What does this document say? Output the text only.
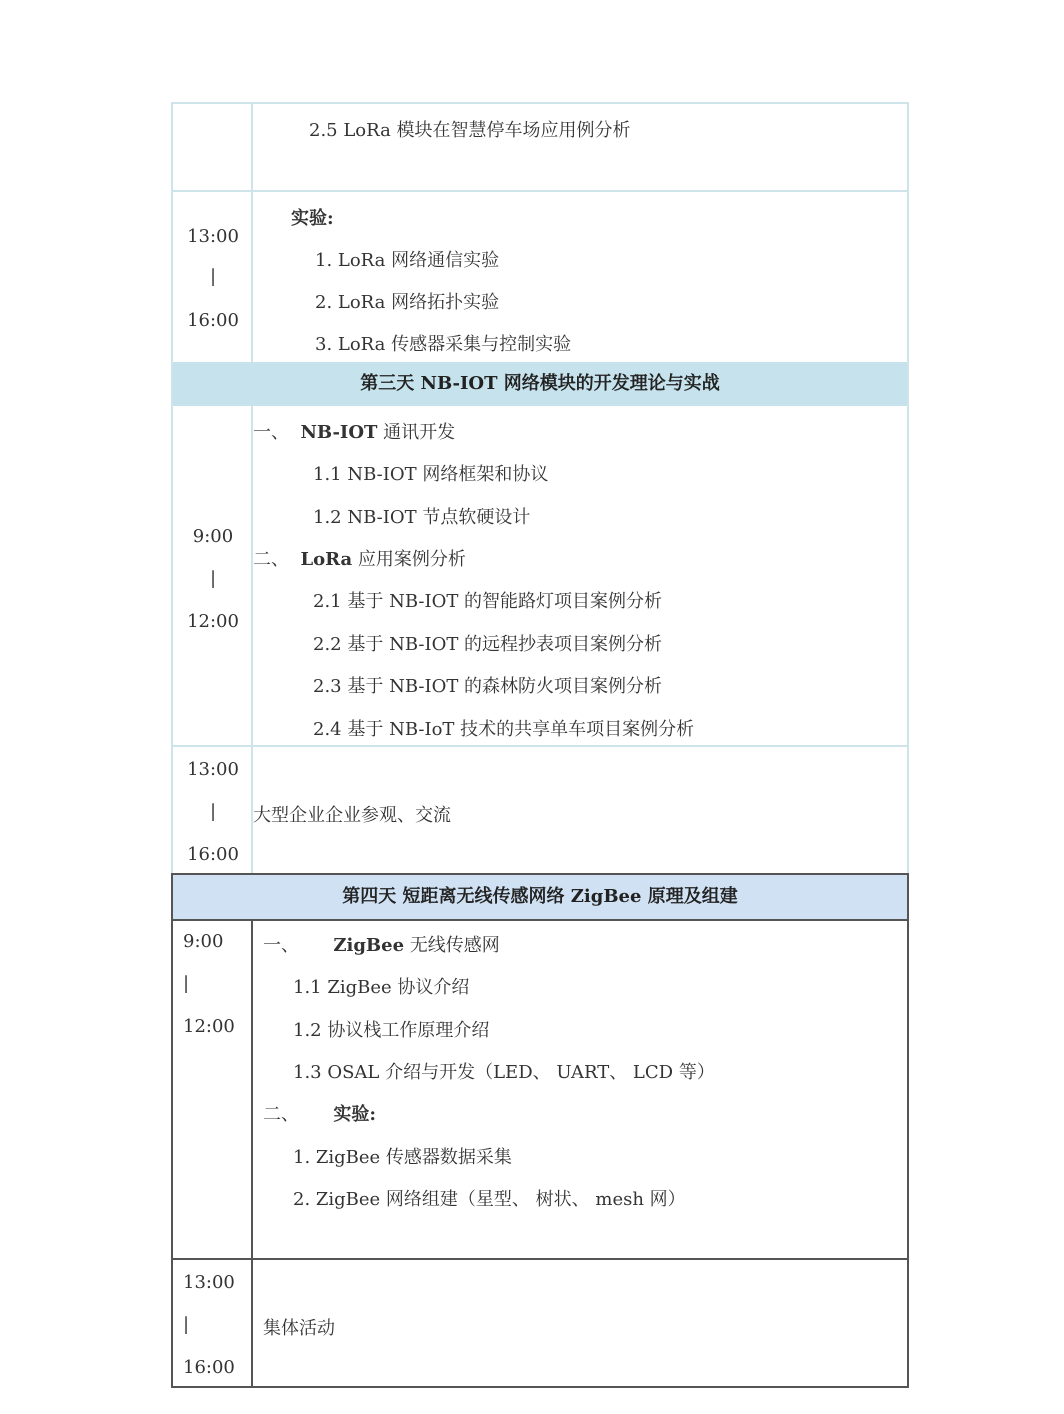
2.5 LoRa 模块在智慧停车场应用例分析
13:00
|
16:00
实验:
1. LoRa 网络通信实验
2. LoRa 网络拓扑实验
3. LoRa 传感器采集与控制实验
第三天 NB-IOT 网络模块的开发理论与实战
9:00
|
12:00
一、 NB-IOT 通讯开发
1.1 NB-IOT 网络框架和协议
1.2 NB-IOT 节点软硬设计
二、 LoRa 应用案例分析
2.1 基于 NB-IOT 的智能路灯项目案例分析
2.2 基于 NB-IOT 的远程抄表项目案例分析
2.3 基于 NB-IOT 的森林防火项目案例分析
2.4 基于 NB-IoT 技术的共享单车项目案例分析
13:00
|
16:00
大型企业企业参观、交流
第四天 短距离无线传感网络 ZigBee 原理及组建
9:00
|
12:00
一、 ZigBee 无线传感网
1.1 ZigBee 协议介绍
1.2 协议栈工作原理介绍
1.3 OSAL 介绍与开发（LED、 UART、 LCD 等）
二、 实验:
1. ZigBee 传感器数据采集
2. ZigBee 网络组建（星型、 树状、 mesh 网）
13:00
|
16:00
集体活动
